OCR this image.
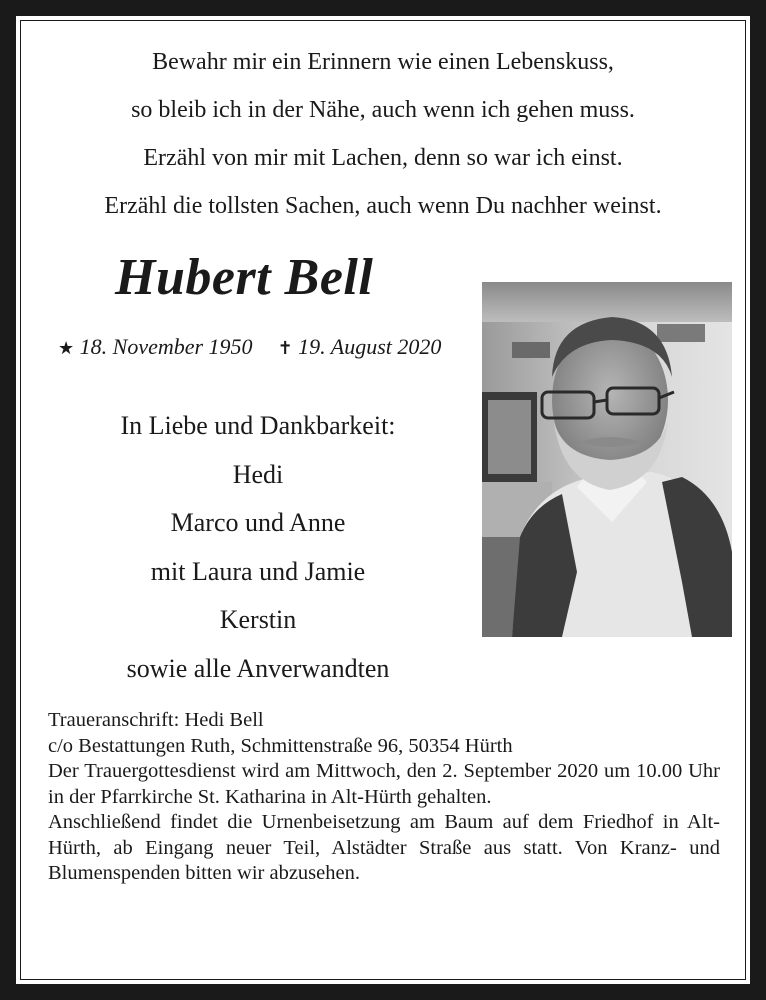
Bewahr mir ein Erinnern wie einen Lebenskuss,
so bleib ich in der Nähe, auch wenn ich gehen muss.
Erzähl von mir mit Lachen, denn so war ich einst.
Erzähl die tollsten Sachen, auch wenn Du nachher weinst.
Hubert Bell
★ 18. November 1950 ✝ 19. August 2020
In Liebe und Dankbarkeit:
Hedi
Marco und Anne
mit Laura und Jamie
Kerstin
sowie alle Anverwandten
Traueranschrift: Hedi Bell
c/o Bestattungen Ruth, Schmittenstraße 96, 50354 Hürth
Der Trauergottesdienst wird am Mittwoch, den 2. September 2020 um 10.00 Uhr in der Pfarrkirche St. Katharina in Alt-Hürth gehalten.
Anschließend findet die Urnenbeisetzung am Baum auf dem Friedhof in Alt-Hürth, ab Eingang neuer Teil, Alstädter Straße aus statt. Von Kranz- und Blumenspenden bitten wir abzusehen.
